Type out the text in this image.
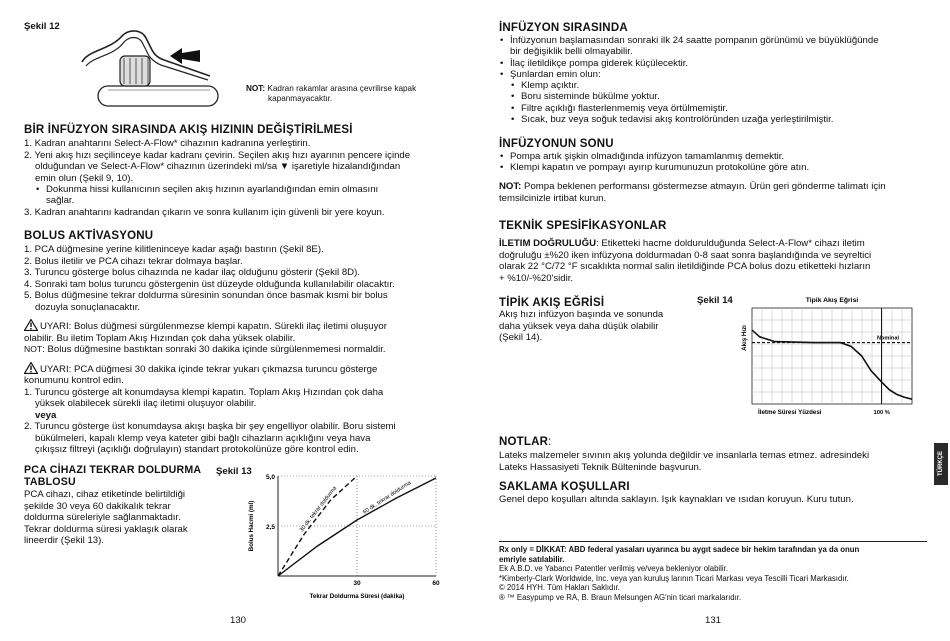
Şekil 12
NOT: Kadran rakamlar arasına çevrilirse kapak
kapanmayacaktır.
BİR İNFÜZYON SIRASINDA AKIŞ HIZININ DEĞİŞTİRİLMESİ

1. Kadran anahtarını Select-A-Flow* cihazının kadranına yerleştirin.

2. Yeni akış hızı seçilinceye kadar kadranı çevirin. Seçilen akış hızı ayarının pencere içinde

olduğundan ve Select-A-Flow* cihazının üzerindeki ml/sa ▼ işaretiyle hizalandığından

emin olun (Şekil 9, 10).

• Dokunma hissi kullanıcının seçilen akış hızının ayarlandığından emin olmasını

sağlar.

3. Kadran anahtarını kadrandan çıkarın ve sonra kullanım için güvenli bir yere koyun.

BOLUS AKTİVASYONU

1. PCA düğmesine yerine kilitleninceye kadar aşağı bastırın (Şekil 8E).

2. Bolus iletilir ve PCA cihazı tekrar dolmaya başlar.

3. Turuncu gösterge bolus cihazında ne kadar ilaç olduğunu gösterir (Şekil 8D).

4. Sonraki tam bolus turuncu göstergenin üst düzeyde olduğunda kullanılabilir olacaktır.

5. Bolus düğmesine tekrar doldurma süresinin sonundan önce basmak kısmi bir bolus

dozuyla sonuçlanacaktır.

UYARI: Bolus düğmesi sürgülenmezse klempi kapatın. Sürekli ilaç iletimi oluşuyor

olabilir. Bu iletim Toplam Akış Hızından çok daha yüksek olabilir.

NOT: Bolus düğmesine bastıktan sonraki 30 dakika içinde sürgülenmemesi normaldir.

UYARI: PCA düğmesi 30 dakika içinde tekrar yukarı çıkmazsa turuncu gösterge

konumunu kontrol edin.

1. Turuncu gösterge alt konumdaysa klempi kapatın. Toplam Akış Hızından çok daha

yüksek olabilecek sürekli ilaç iletimi oluşuyor olabilir.

veya

2. Turuncu gösterge üst konumdaysa akışı başka bir şey engelliyor olabilir. Boru sistemi

bükülmeleri, kapalı klemp veya kateter gibi bağlı cihazların açıklığını veya hava

çıkışsız filtreyi (açıklığı doğrulayın) standart protokolünüze göre kontrol edin.

PCA CİHAZI TEKRAR DOLDURMA
TABLOSU

PCA cihazı, cihaz etiketinde belirtildiği

şekilde 30 veya 60 dakikalık tekrar

doldurma süreleriyle sağlanmaktadır.

Tekrar doldurma süresi yaklaşık olarak

lineerdir (Şekil 13).

Şekil 13
2,5
5,0
30	60
30 dk. tekrar doldurma	60 dk. tekrar doldurma
Tekrar Doldurma Süresi (dakika)
Bolus Hacmi (ml)
130
İNFÜZYON SIRASINDA
• İnfüzyonun başlamasından sonraki ilk 24 saatte pompanın görünümü ve büyüklüğünde

bir değişiklik belli olmayabilir.

• İlaç iletildikçe pompa giderek küçülecektir.
• Şunlardan emin olun:
• Klemp açıktır.
• Boru sisteminde bükülme yoktur.
• Filtre açıklığı flasterlenmemiş veya örtülmemiştir.
• Sıcak, buz veya soğuk tedavisi akış kontrolöründen uzağa yerleştirilmiştir.
İNFÜZYONUN SONU
• Pompa artık şişkin olmadığında infüzyon tamamlanmış demektir.
• Klempi kapatın ve pompayı ayırıp kurumunuzun protokolüne göre atın.

NOT: Pompa beklenen performansı göstermezse atmayın. Ürün geri gönderme talimatı için

temsilcinizle irtibat kurun.

TEKNİK SPESİFİKASYONLAR

İLETIM DOĞRULUĞU: Etiketteki hacme doldurulduğunda Select-A-Flow* cihazı iletim

doğruluğu ±%20 iken infüzyona doldurmadan 0-8 saat sonra başlandığında ve seyreltici

olarak 22 °C/72 °F sıcaklıkta normal salin iletildiğinde PCA bolus dozu etiketteki hızların

+ %10/-%20'sidir.

TİPİK AKIŞ EĞRİSİ

Akış hızı infüzyon başında ve sonunda

daha yüksek veya daha düşük olabilir

(Şekil 14).

Şekil 14	Tipik Akış Eğrisi
Nominal
100 %
İletme Süresi Yüzdesi
Akış Hızı
NOTLAR:

Lateks malzemeler sıvının akış yolunda değildir ve insanlarla temas etmez. adresindeki

Lateks Hassasiyeti Teknik Bülteninde başvurun.

SAKLAMA KOŞULLARI

Genel depo koşulları altında saklayın. Işık kaynakları ve ısıdan koruyun. Kuru tutun.

TÜRKÇE

Rx only = DİKKAT: ABD federal yasaları uyarınca bu aygıt sadece bir hekim tarafından ya da onun

emriyle satılabilir.

Ek A.B.D. ve Yabancı Patentler verilmiş ve/veya bekleniyor olabilir.

*Kimberly-Clark Worldwide, Inc. veya yan kuruluş larının Ticari Markası veya Tescilli Ticari Markasıdır.

© 2014 HYH. Tüm Hakları Saklıdır.

® ™ Easypump ve RA, B. Braun Melsungen AG'nin ticari markalarıdır.

131
